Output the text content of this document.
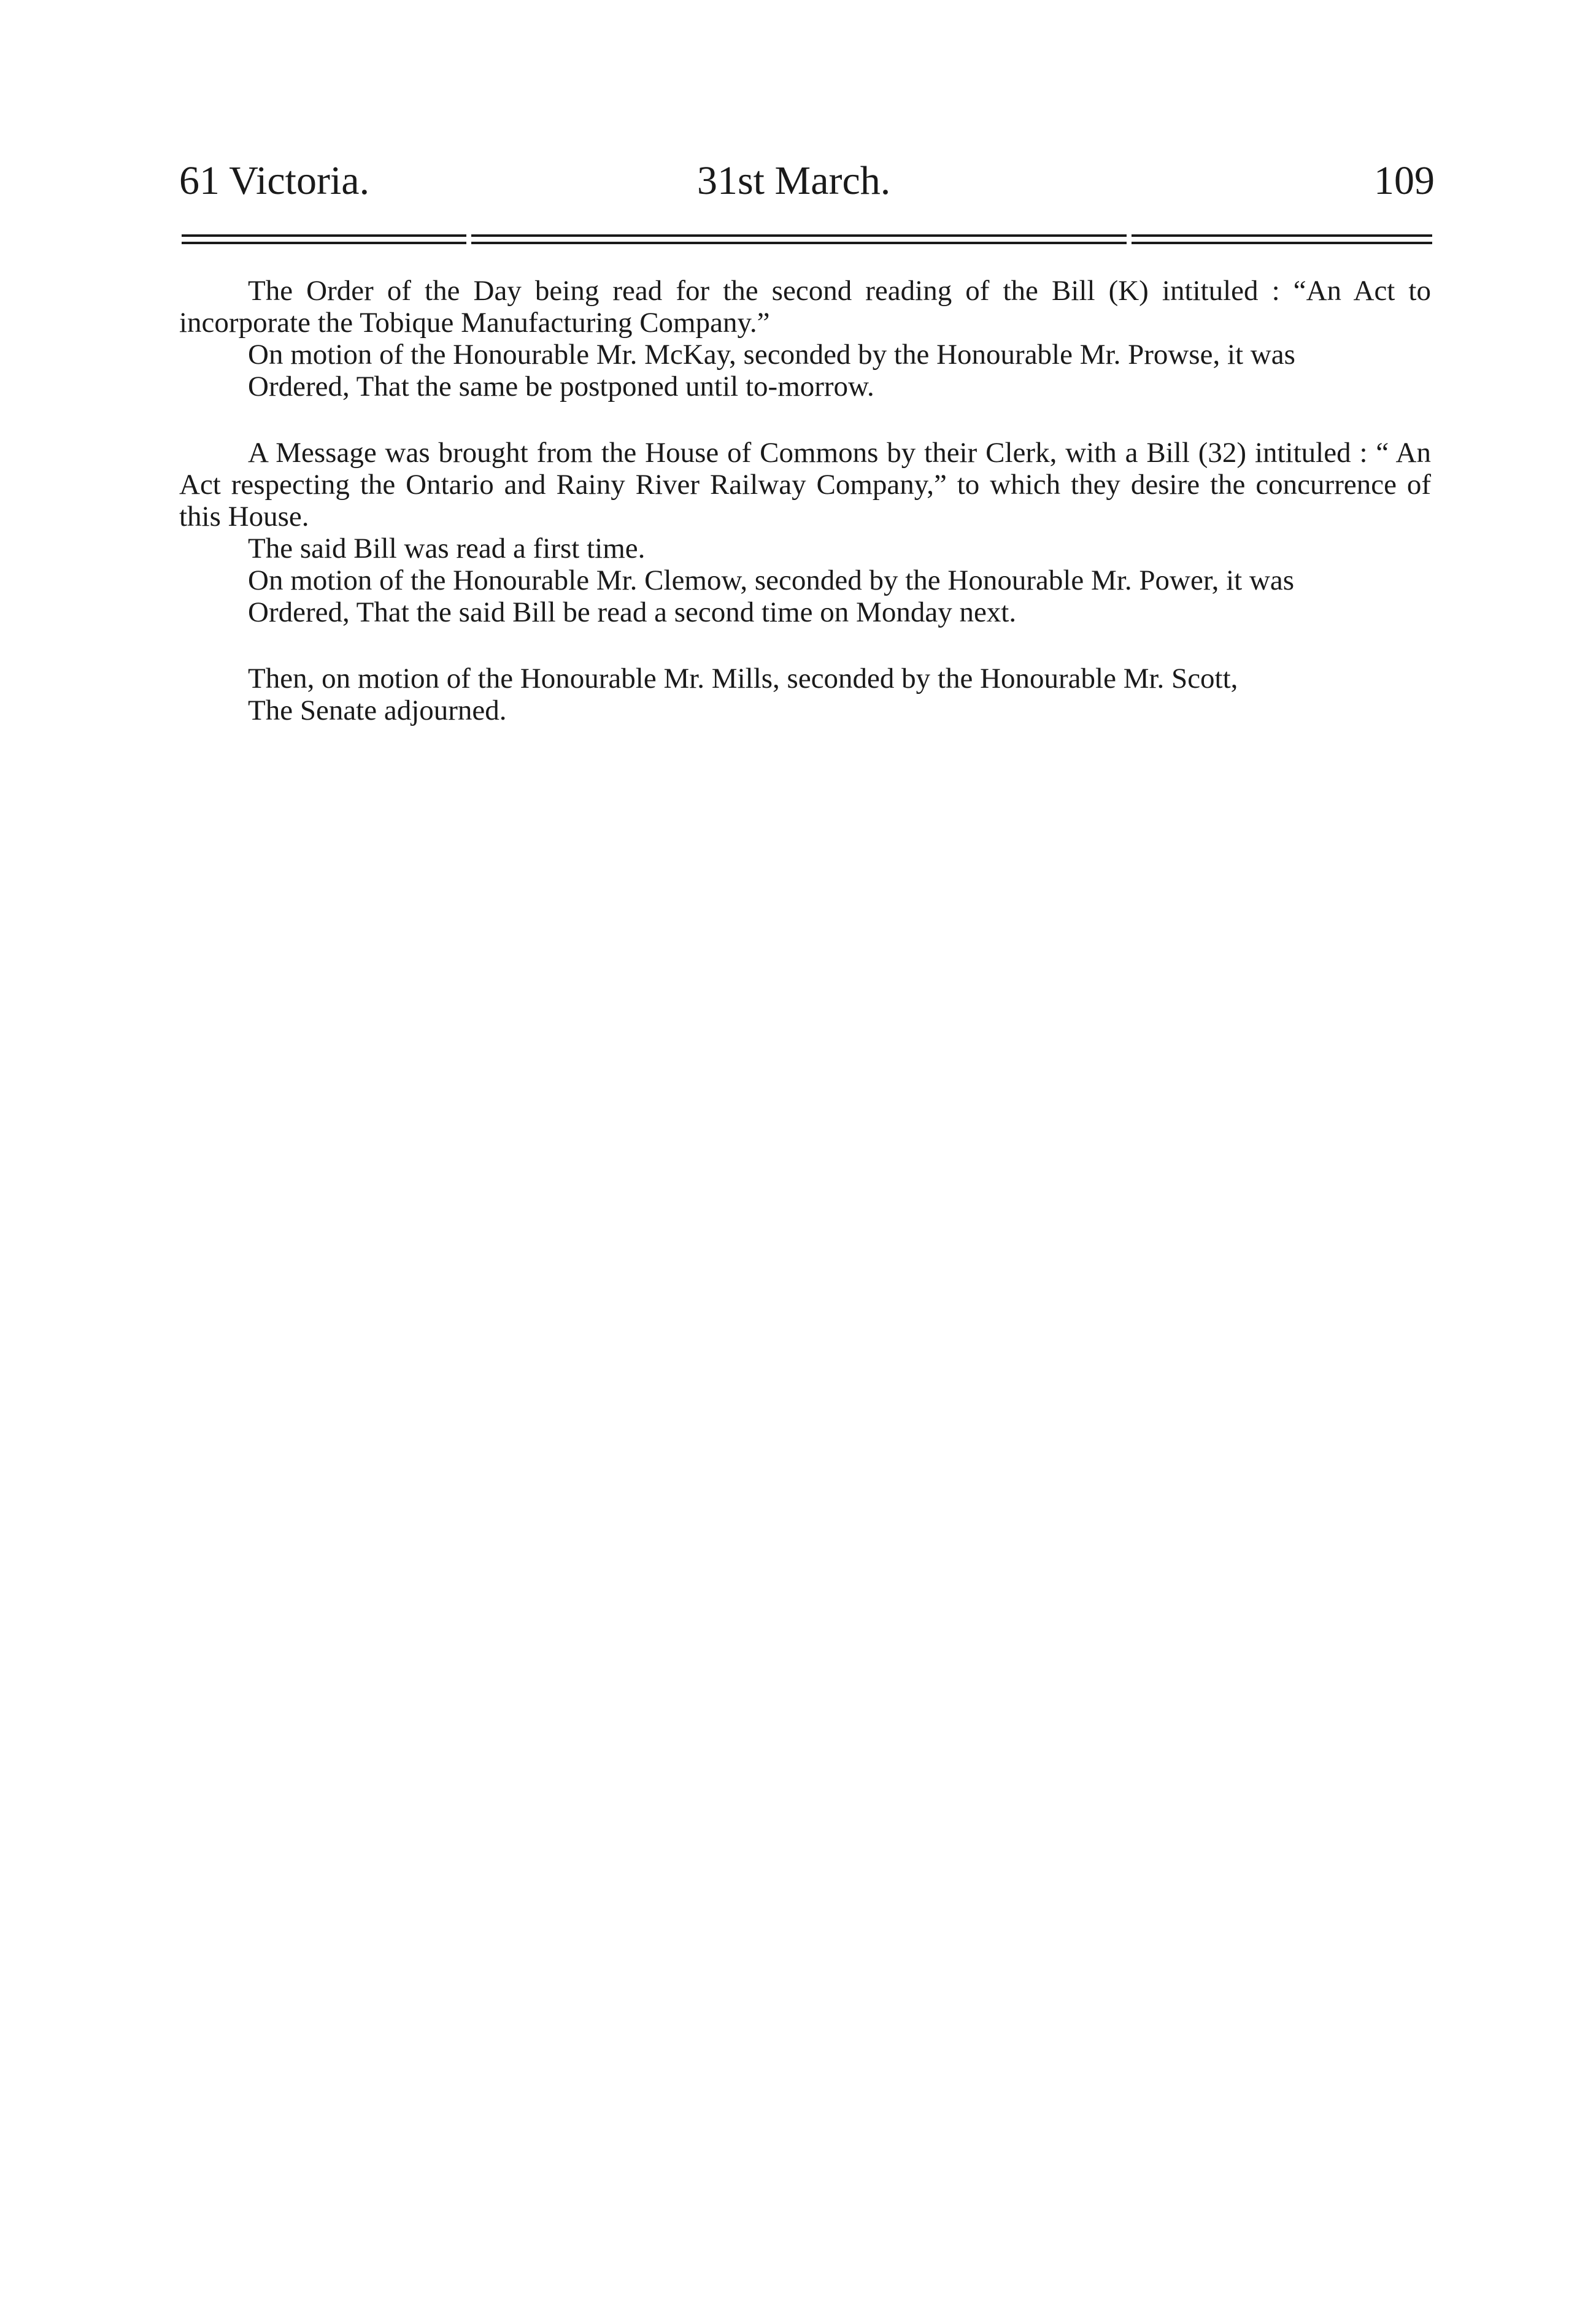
61 Victoria.	31st March.	109

The Order of the Day being read for the second reading of the Bill (K) intituled : “An Act to incorporate the Tobique Manufacturing Company.”

On motion of the Honourable Mr. McKay, seconded by the Honourable Mr. Prowse, it was

Ordered, That the same be postponed until to-morrow.

A Message was brought from the House of Commons by their Clerk, with a Bill (32) intituled : “ An Act respecting the Ontario and Rainy River Railway Company,” to which they desire the concurrence of this House.

The said Bill was read a first time.

On motion of the Honourable Mr. Clemow, seconded by the Honourable Mr. Power, it was

Ordered, That the said Bill be read a second time on Monday next.

Then, on motion of the Honourable Mr. Mills, seconded by the Honourable Mr. Scott,

The Senate adjourned.
